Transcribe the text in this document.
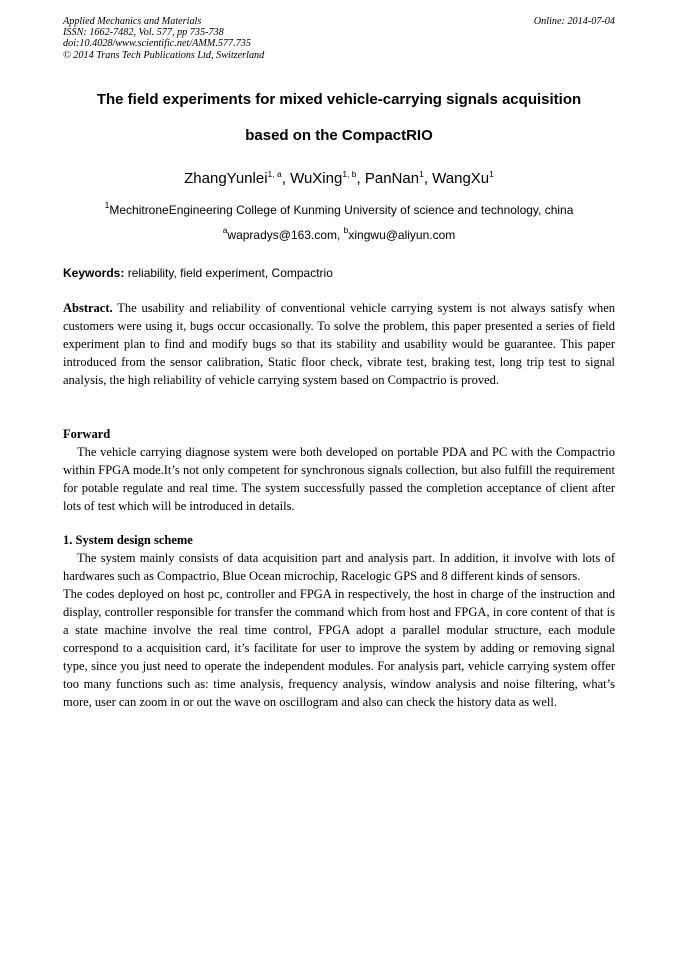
Applied Mechanics and Materials
ISSN: 1662-7482, Vol. 577, pp 735-738
doi:10.4028/www.scientific.net/AMM.577.735
© 2014 Trans Tech Publications Ltd, Switzerland
Online: 2014-07-04
The field experiments for mixed vehicle-carrying signals acquisition
based on the CompactRIO
ZhangYunlei$^{1, a}$, WuXing$^{1, b}$, PanNan$^1$, WangXu$^1$
$^1$MechitroneEngineering College of Kunming University of science and technology, china
$^a$wapradys@163.com, $^b$xingwu@aliyun.com
Keywords: reliability, field experiment, Compactrio

Abstract. The usability and reliability of conventional vehicle carrying system is not always satisfy when customers were using it, bugs occur occasionally. To solve the problem, this paper presented a series of field experiment plan to find and modify bugs so that its stability and usability would be guarantee. This paper introduced from the sensor calibration, Static floor check, vibrate test, braking test, long trip test to signal analysis, the high reliability of vehicle carrying system based on Compactrio is proved.

Forward

The vehicle carrying diagnose system were both developed on portable PDA and PC with the Compactrio within FPGA mode.It’s not only competent for synchronous signals collection, but also fulfill the requirement for potable regulate and real time. The system successfully passed the completion acceptance of client after lots of test which will be introduced in details.

1. System design scheme

The system mainly consists of data acquisition part and analysis part. In addition, it involve with lots of hardwares such as Compactrio, Blue Ocean microchip, Racelogic GPS and 8 different kinds of sensors.

The codes deployed on host pc, controller and FPGA in respectively, the host in charge of the instruction and display, controller responsible for transfer the command which from host and FPGA, in core content of that is a state machine involve the real time control, FPGA adopt a parallel modular structure, each module correspond to a acquisition card, it’s facilitate for user to improve the system by adding or removing signal type, since you just need to operate the independent modules. For analysis part, vehicle carrying system offer too many functions such as: time analysis, frequency analysis, window analysis and noise filtering, what’s more, user can zoom in or out the wave on oscillogram and also can check the history data as well.
